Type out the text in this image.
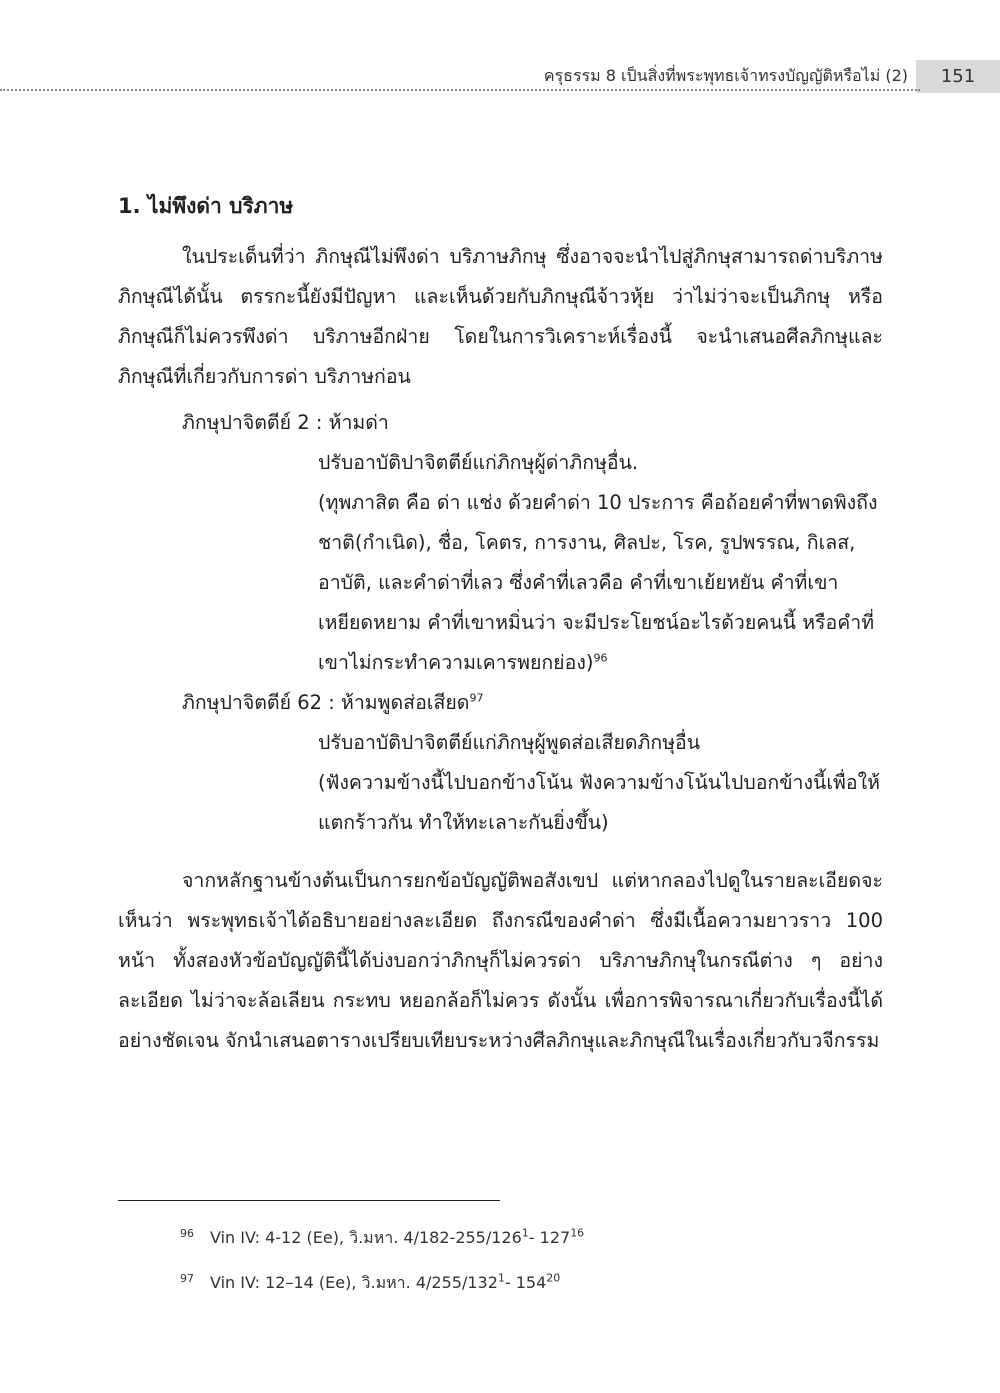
ครุธรรม 8 เป็นสิ่งที่พระพุทธเจ้าทรงบัญญัติหรือไม่ (2)	151

1. ไม่พึงด่า บริภาษ

ในประเด็นที่ว่า ภิกษุณีไม่พึงด่า บริภาษภิกษุ ซึ่งอาจจะนำไปสู่ภิกษุสามารถด่าบริภาษ ภิกษุณีได้นั้น ตรรกะนี้ยังมีปัญหา และเห็นด้วยกับภิกษุณีจ้าวหุ้ย ว่าไม่ว่าจะเป็นภิกษุ หรือภิกษุณีก็ไม่ควรพึงด่า บริภาษอีกฝ่าย โดยในการวิเคราะห์เรื่องนี้ จะนำเสนอศีลภิกษุและภิกษุณีที่เกี่ยวกับการด่า บริภาษก่อน

ภิกษุปาจิตตีย์ 2 : ห้ามด่า

ปรับอาบัติปาจิตตีย์แก่ภิกษุผู้ด่าภิกษุอื่น.

(ทุพภาสิต คือ ด่า แช่ง ด้วยคำด่า 10 ประการ คือถ้อยคำที่พาดพิงถึงชาติ(กำเนิด), ชื่อ, โคตร, การงาน, ศิลปะ, โรค, รูปพรรณ, กิเลส, อาบัติ, และคำด่าที่เลว ซึ่งคำที่เลวคือ คำที่เขาเย้ยหยัน คำที่เขาเหยียดหยาม คำที่เขาหมิ่นว่า จะมีประโยชน์อะไรด้วยคนนี้ หรือคำที่เขาไม่กระทำความเคารพยกย่อง)$^{96}$

ภิกษุปาจิตตีย์ 62 : ห้ามพูดส่อเสียด$^{97}$

ปรับอาบัติปาจิตตีย์แก่ภิกษุผู้พูดส่อเสียดภิกษุอื่น

(ฟังความข้างนี้ไปบอกข้างโน้น ฟังความข้างโน้นไปบอกข้างนี้เพื่อให้แตกร้าวกัน ทำให้ทะเลาะกันยิ่งขึ้น)

จากหลักฐานข้างต้นเป็นการยกข้อบัญญัติพอสังเขป แต่หากลองไปดูในรายละเอียดจะเห็นว่า พระพุทธเจ้าได้อธิบายอย่างละเอียด ถึงกรณีของคำด่า ซึ่งมีเนื้อความยาวราว 100 หน้า ทั้งสองหัวข้อบัญญัตินี้ได้บ่งบอกว่าภิกษุก็ไม่ควรด่า บริภาษภิกษุในกรณีต่าง ๆ อย่างละเอียด ไม่ว่าจะล้อเลียน กระทบ หยอกล้อก็ไม่ควร ดังนั้น เพื่อการพิจารณาเกี่ยวกับเรื่องนี้ได้อย่างชัดเจน จักนำเสนอตารางเปรียบเทียบระหว่างศีลภิกษุและภิกษุณีในเรื่องเกี่ยวกับวจีกรรม

$^{96}$ Vin IV: 4-12 (Ee), วิ.มหา. $4/182-255/126^1-$ $127^{16}$
$^{97}$ Vin IV: 12–14 (Ee), วิ.มหา. $4/255/132^1-$ $154^{20}$
